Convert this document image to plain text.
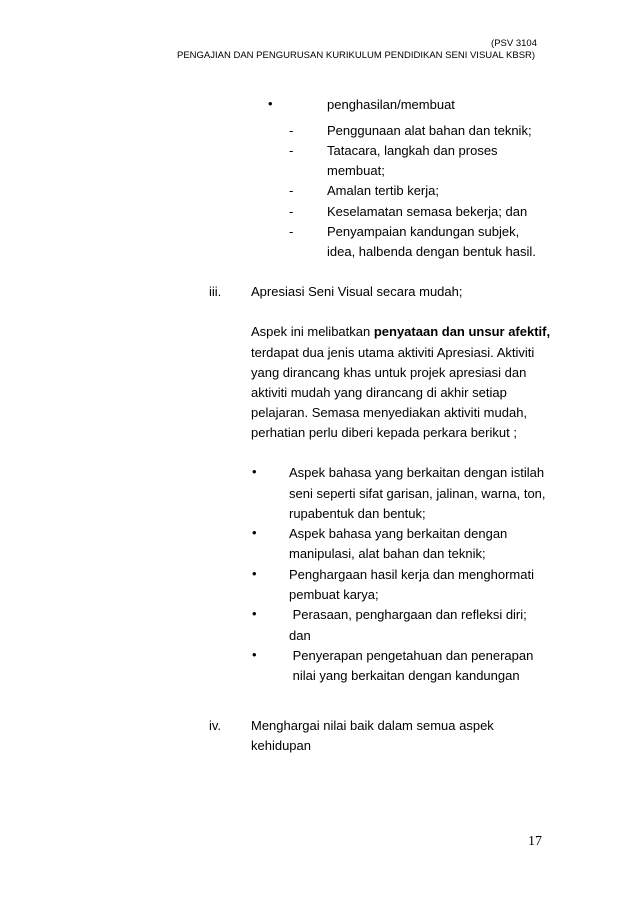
(PSV 3104
PENGAJIAN DAN PENGURUSAN KURIKULUM PENDIDIKAN SENI VISUAL KBSR)
•	penghasilan/membuat
-	Penggunaan alat bahan dan teknik;
-	Tatacara, langkah dan proses
membuat;
-	Amalan tertib kerja;
-	Keselamatan semasa bekerja; dan
-	Penyampaian kandungan subjek,
idea, halbenda dengan bentuk hasil.
iii. Apresiasi Seni Visual secara mudah;
Aspek ini melibatkan penyataan dan unsur afektif,
terdapat dua jenis utama aktiviti Apresiasi. Aktiviti
yang dirancang khas untuk projek apresiasi dan
aktiviti mudah yang dirancang di akhir setiap
pelajaran. Semasa menyediakan aktiviti mudah,
perhatian perlu diberi kepada perkara berikut ;
• Aspek bahasa yang berkaitan dengan istilah
seni seperti sifat garisan, jalinan, warna, ton,
rupabentuk dan bentuk;
• Aspek bahasa yang berkaitan dengan
manipulasi, alat bahan dan teknik;
• Penghargaan hasil kerja dan menghormati
pembuat karya;
• Perasaan, penghargaan dan refleksi diri;
dan
• Penyerapan pengetahuan dan penerapan
nilai yang berkaitan dengan kandungan
iv. Menghargai nilai baik dalam semua aspek
kehidupan
17
